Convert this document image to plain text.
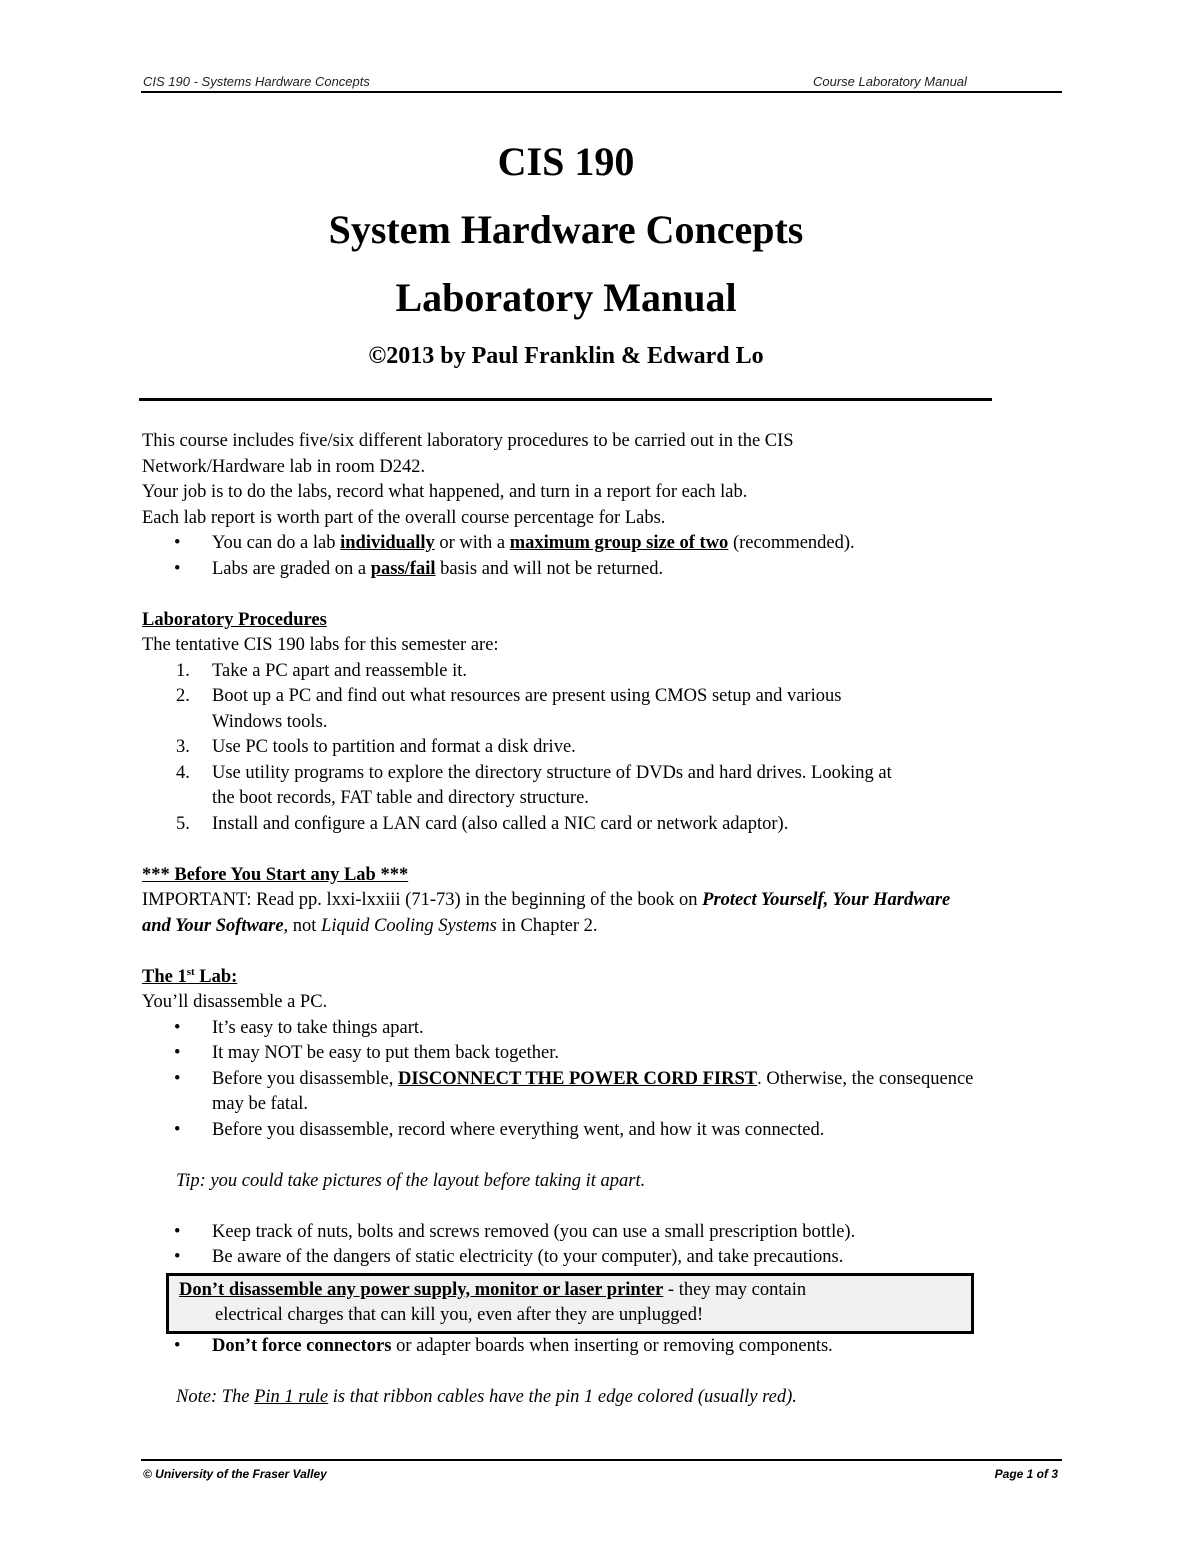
CIS 190 - Systems Hardware Concepts	Course Laboratory Manual
CIS 190
System Hardware Concepts
Laboratory Manual
©2013 by Paul Franklin & Edward Lo

This course includes five/six different laboratory procedures to be carried out in the CIS Network/Hardware lab in room D242.

Your job is to do the labs, record what happened, and turn in a report for each lab.

Each lab report is worth part of the overall course percentage for Labs.

• You can do a lab individually or with a maximum group size of two (recommended).
• Labs are graded on a pass/fail basis and will not be returned.

Laboratory Procedures

The tentative CIS 190 labs for this semester are:

1. Take a PC apart and reassemble it.
2. Boot up a PC and find out what resources are present using CMOS setup and various Windows tools.
3. Use PC tools to partition and format a disk drive.
4. Use utility programs to explore the directory structure of DVDs and hard drives. Looking at the boot records, FAT table and directory structure.
5. Install and configure a LAN card (also called a NIC card or network adaptor).

*** Before You Start any Lab ***

IMPORTANT: Read pp. lxxi-lxxiii (71-73) in the beginning of the book on Protect Yourself, Your Hardware and Your Software, not Liquid Cooling Systems in Chapter 2.

The 1st Lab:

You’ll disassemble a PC.

• It’s easy to take things apart.
• It may NOT be easy to put them back together.
• Before you disassemble, DISCONNECT THE POWER CORD FIRST. Otherwise, the consequence may be fatal.
• Before you disassemble, record where everything went, and how it was connected.

Tip: you could take pictures of the layout before taking it apart.

• Keep track of nuts, bolts and screws removed (you can use a small prescription bottle).
• Be aware of the dangers of static electricity (to your computer), and take precautions.
Don’t disassemble any power supply, monitor or laser printer - they may contain
electrical charges that can kill you, even after they are unplugged!
• Don’t force connectors or adapter boards when inserting or removing components.

Note: The Pin 1 rule is that ribbon cables have the pin 1 edge colored (usually red).

© University of the Fraser Valley	Page 1 of 3
